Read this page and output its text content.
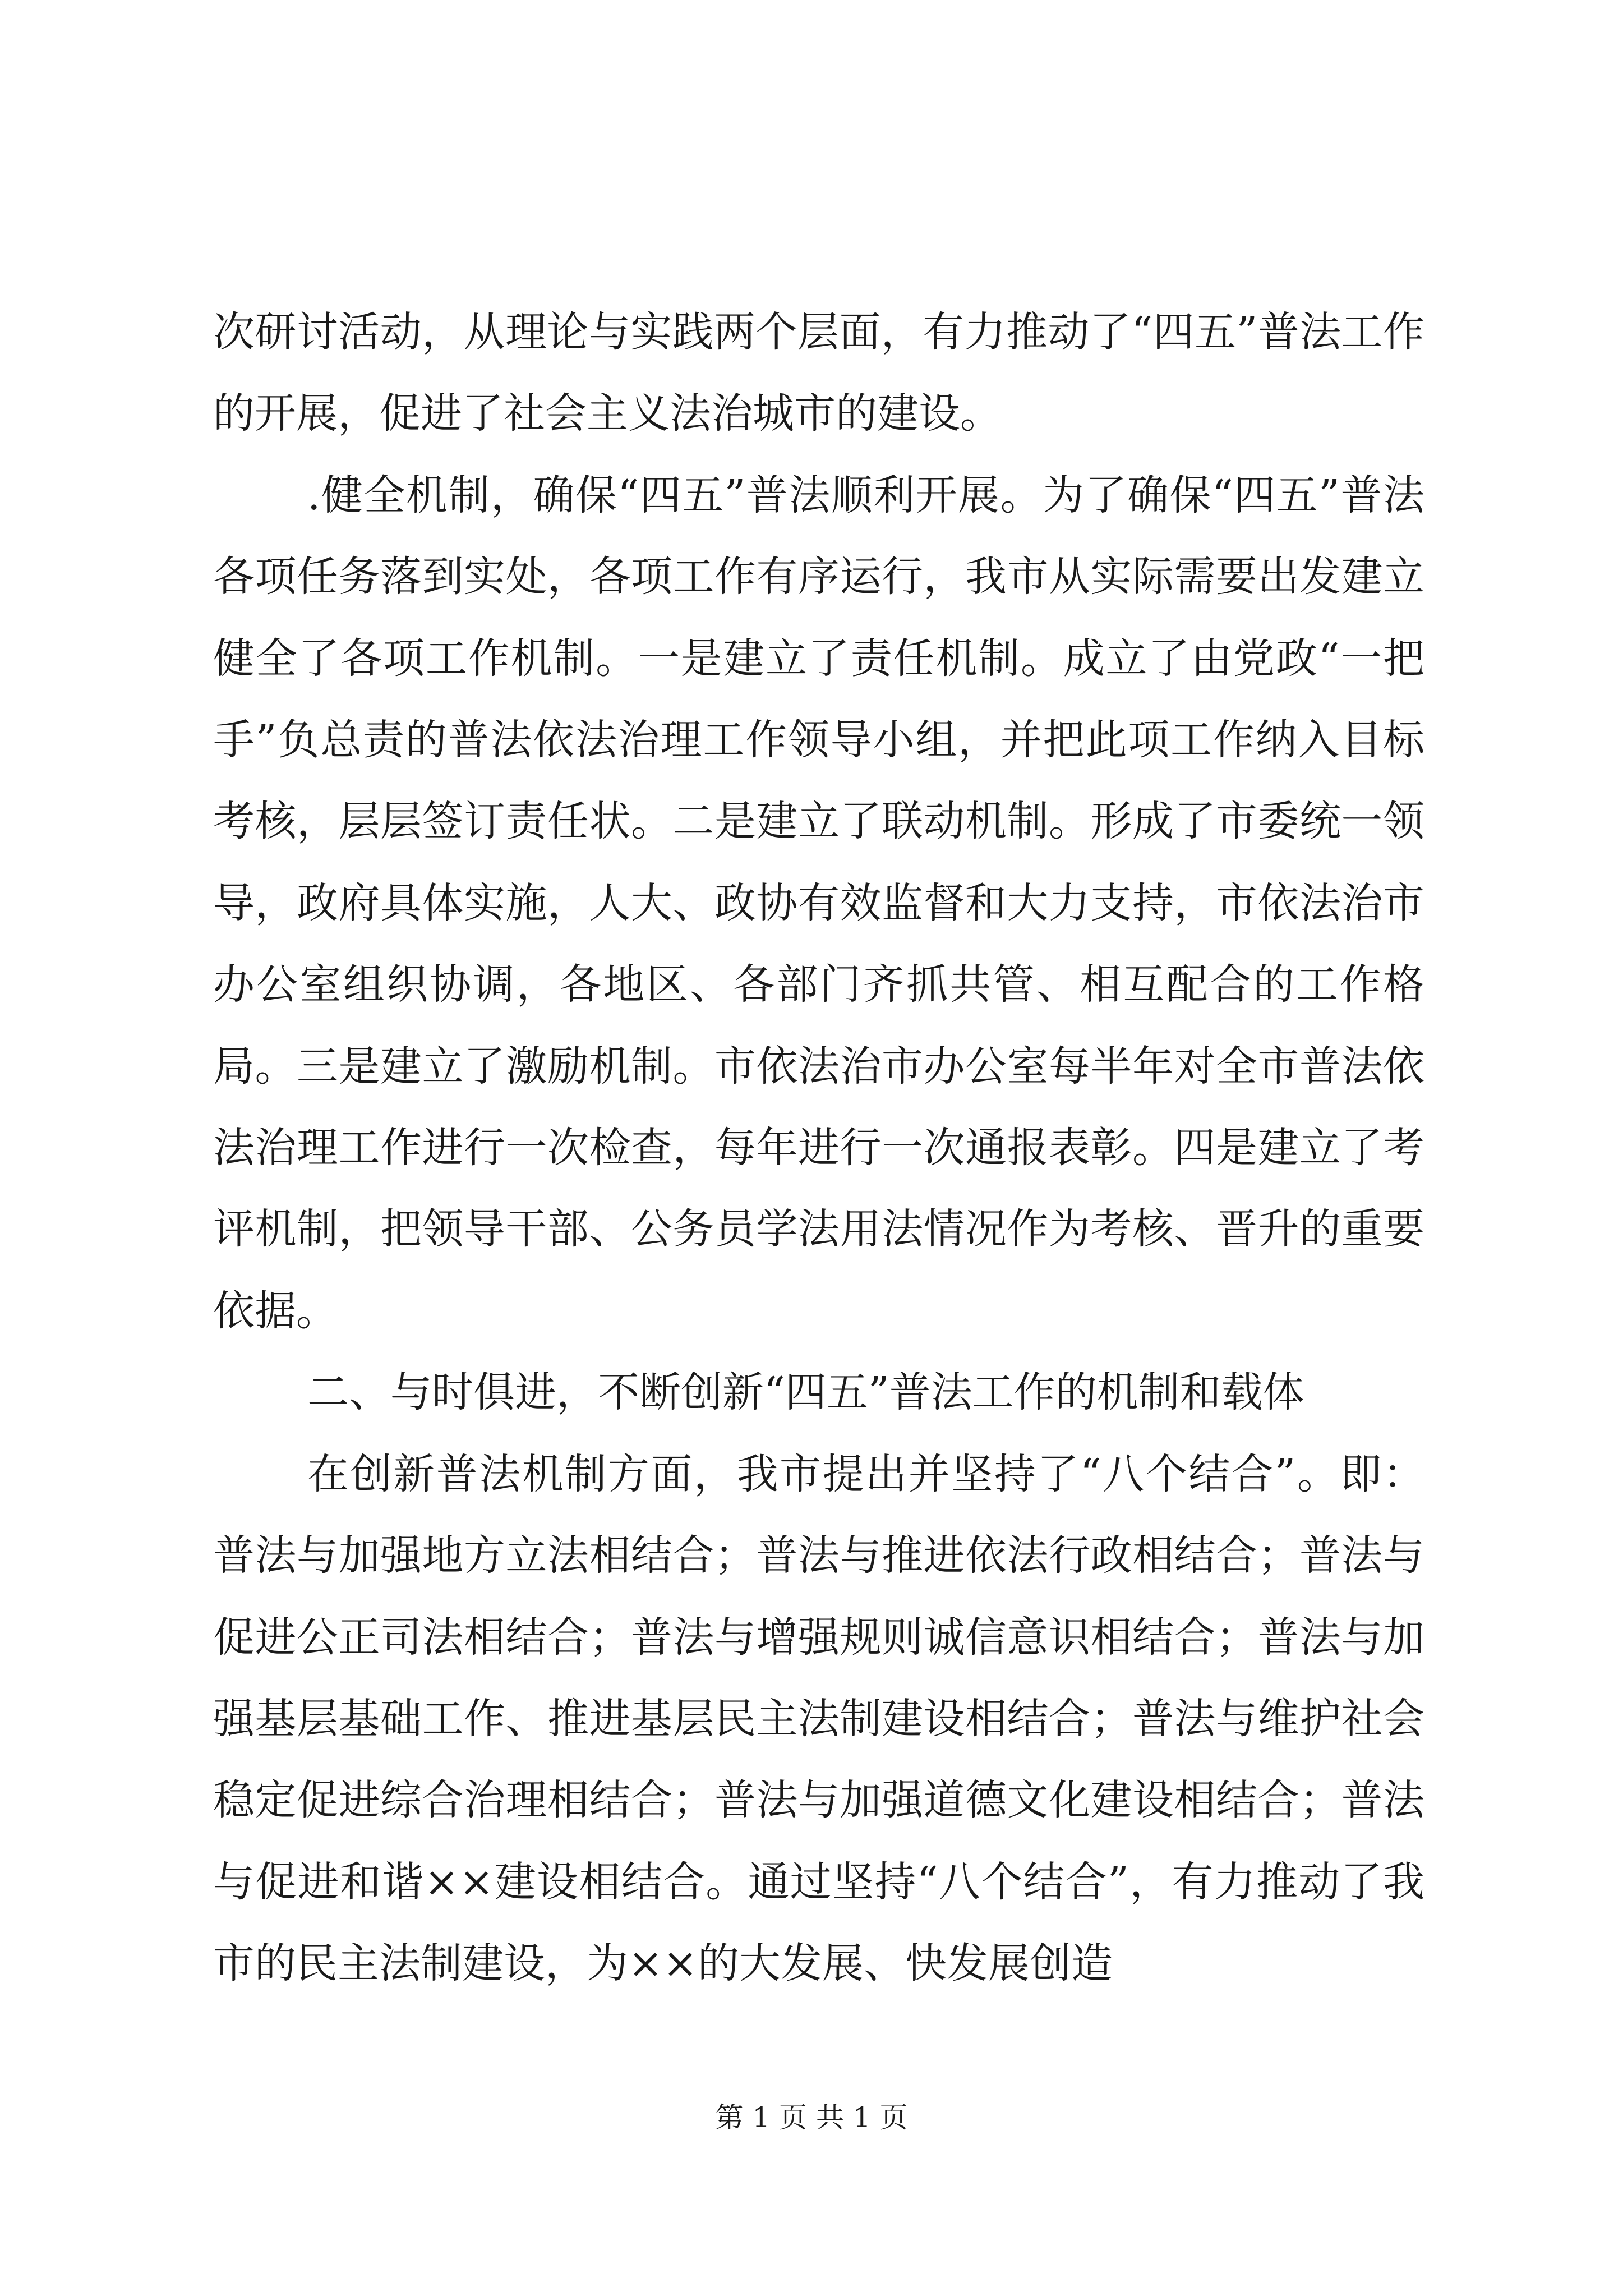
次研讨活动，从理论与实践两个层面，有力推动了“四五”普法工作的开展，促进了社会主义法治城市的建设。

.健全机制，确保“四五”普法顺利开展。为了确保“四五”普法各项任务落到实处，各项工作有序运行，我市从实际需要出发建立健全了各项工作机制。一是建立了责任机制。成立了由党政“一把手”负总责的普法依法治理工作领导小组，并把此项工作纳入目标考核，层层签订责任状。二是建立了联动机制。形成了市委统一领导，政府具体实施，人大、政协有效监督和大力支持，市依法治市办公室组织协调，各地区、各部门齐抓共管、相互配合的工作格局。三是建立了激励机制。市依法治市办公室每半年对全市普法依法治理工作进行一次检查，每年进行一次通报表彰。四是建立了考评机制，把领导干部、公务员学法用法情况作为考核、晋升的重要依据。

二、与时俱进，不断创新“四五”普法工作的机制和载体

在创新普法机制方面，我市提出并坚持了“八个结合”。即：普法与加强地方立法相结合；普法与推进依法行政相结合；普法与促进公正司法相结合；普法与增强规则诚信意识相结合；普法与加强基层基础工作、推进基层民主法制建设相结合；普法与维护社会稳定促进综合治理相结合；普法与加强道德文化建设相结合；普法与促进和谐××建设相结合。通过坚持“八个结合”，有力推动了我市的民主法制建设，为××的大发展、快发展创造

第 1 页 共 1 页
